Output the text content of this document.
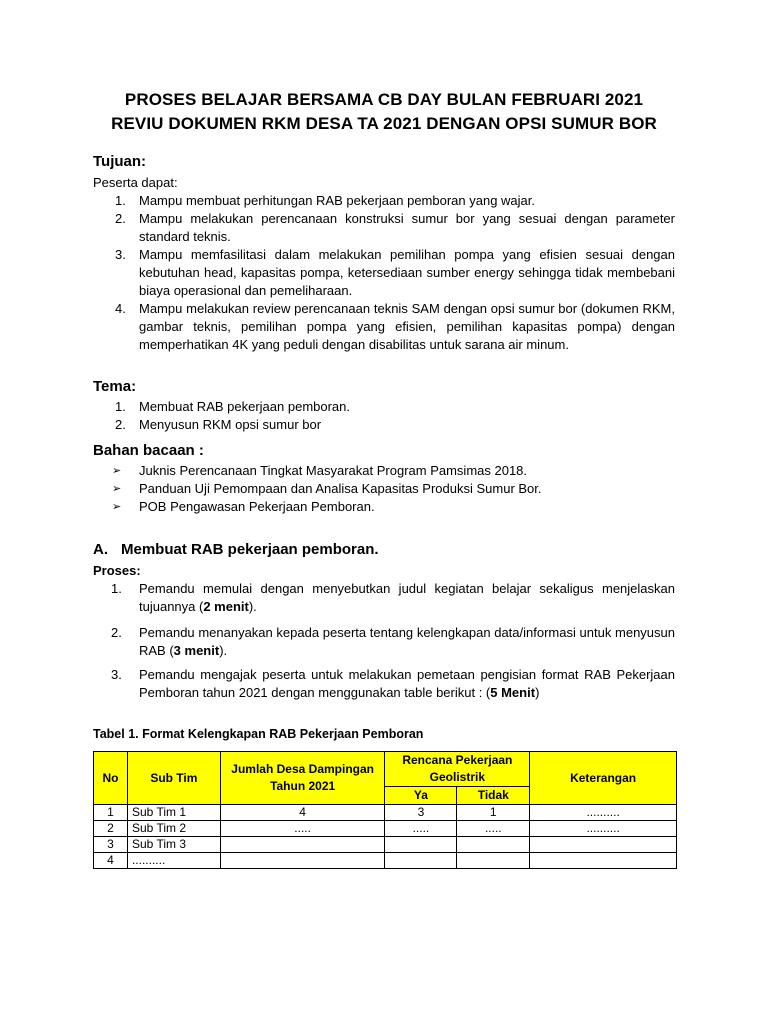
PROSES BELAJAR BERSAMA CB DAY BULAN FEBRUARI 2021
REVIU DOKUMEN RKM DESA TA 2021 DENGAN OPSI SUMUR BOR
Tujuan:
Peserta dapat:
1. Mampu membuat perhitungan RAB pekerjaan pemboran yang wajar.
2. Mampu melakukan perencanaan konstruksi sumur bor yang sesuai dengan parameter standard teknis.
3. Mampu memfasilitasi dalam melakukan pemilihan pompa yang efisien sesuai dengan kebutuhan head, kapasitas pompa, ketersediaan sumber energy sehingga tidak membebani biaya operasional dan pemeliharaan.
4. Mampu melakukan review perencanaan teknis SAM dengan opsi sumur bor (dokumen RKM, gambar teknis, pemilihan pompa yang efisien, pemilihan kapasitas pompa) dengan memperhatikan 4K yang peduli dengan disabilitas untuk sarana air minum.
Tema:
1. Membuat RAB pekerjaan pemboran.
2. Menyusun RKM opsi sumur bor
Bahan bacaan :
➢ Juknis Perencanaan Tingkat Masyarakat Program Pamsimas 2018.
➢ Panduan Uji Pemompaan dan Analisa Kapasitas Produksi Sumur Bor.
➢ POB Pengawasan Pekerjaan Pemboran.
A. Membuat RAB pekerjaan pemboran.
Proses:
1. Pemandu memulai dengan menyebutkan judul kegiatan belajar sekaligus menjelaskan tujuannya (2 menit).
2. Pemandu menanyakan kepada peserta tentang kelengkapan data/informasi untuk menyusun RAB (3 menit).
3. Pemandu mengajak peserta untuk melakukan pemetaan pengisian format RAB Pekerjaan Pemboran tahun 2021 dengan menggunakan table berikut : (5 Menit)
Tabel 1. Format Kelengkapan RAB Pekerjaan Pemboran
No	Sub Tim	Jumlah Desa Dampingan Tahun 2021	Rencana Pekerjaan Geolistrik		Keterangan
			Ya	Tidak	
1	Sub Tim 1	4	3	1	..........
2	Sub Tim 2	.....	.....	.....	..........
3	Sub Tim 3				
4	..........				
